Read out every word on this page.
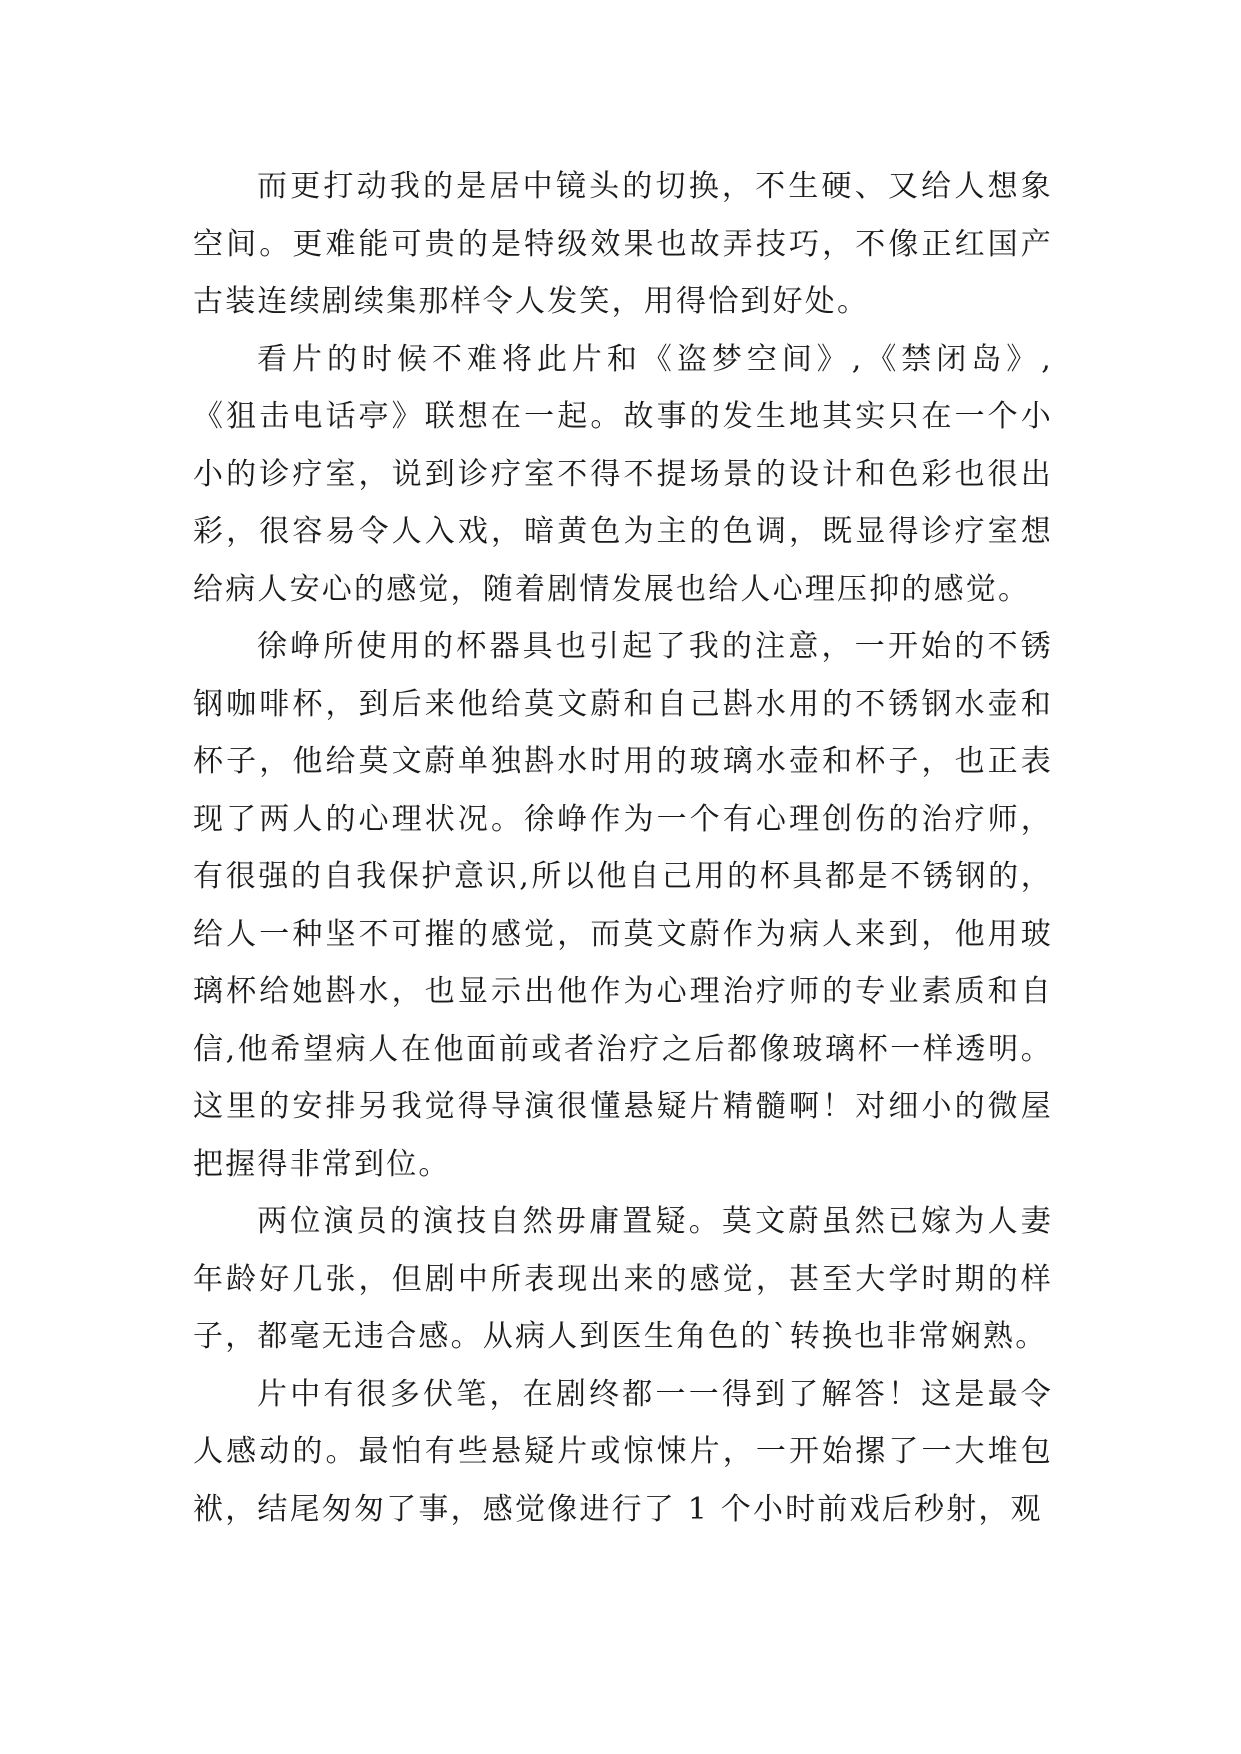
而更打动我的是居中镜头的切换，不生硬、又给人想象空间。更难能可贵的是特级效果也故弄技巧，不像正红国产古装连续剧续集那样令人发笑，用得恰到好处。

看片的时候不难将此片和《盗梦空间》,《禁闭岛》,《狙击电话亭》联想在一起。故事的发生地其实只在一个小小的诊疗室，说到诊疗室不得不提场景的设计和色彩也很出彩，很容易令人入戏，暗黄色为主的色调，既显得诊疗室想给病人安心的感觉，随着剧情发展也给人心理压抑的感觉。

徐峥所使用的杯器具也引起了我的注意，一开始的不锈钢咖啡杯，到后来他给莫文蔚和自己斟水用的不锈钢水壶和杯子，他给莫文蔚单独斟水时用的玻璃水壶和杯子，也正表现了两人的心理状况。徐峥作为一个有心理创伤的治疗师，有很强的自我保护意识,所以他自己用的杯具都是不锈钢的，给人一种坚不可摧的感觉，而莫文蔚作为病人来到，他用玻璃杯给她斟水，也显示出他作为心理治疗师的专业素质和自信,他希望病人在他面前或者治疗之后都像玻璃杯一样透明。这里的安排另我觉得导演很懂悬疑片精髓啊！对细小的微屋把握得非常到位。

两位演员的演技自然毋庸置疑。莫文蔚虽然已嫁为人妻年龄好几张，但剧中所表现出来的感觉，甚至大学时期的样子，都毫无违合感。从病人到医生角色的`转换也非常娴熟。

片中有很多伏笔，在剧终都一一得到了解答！这是最令人感动的。最怕有些悬疑片或惊悚片，一开始摞了一大堆包袱，结尾匆匆了事，感觉像进行了 1 个小时前戏后秒射，观
